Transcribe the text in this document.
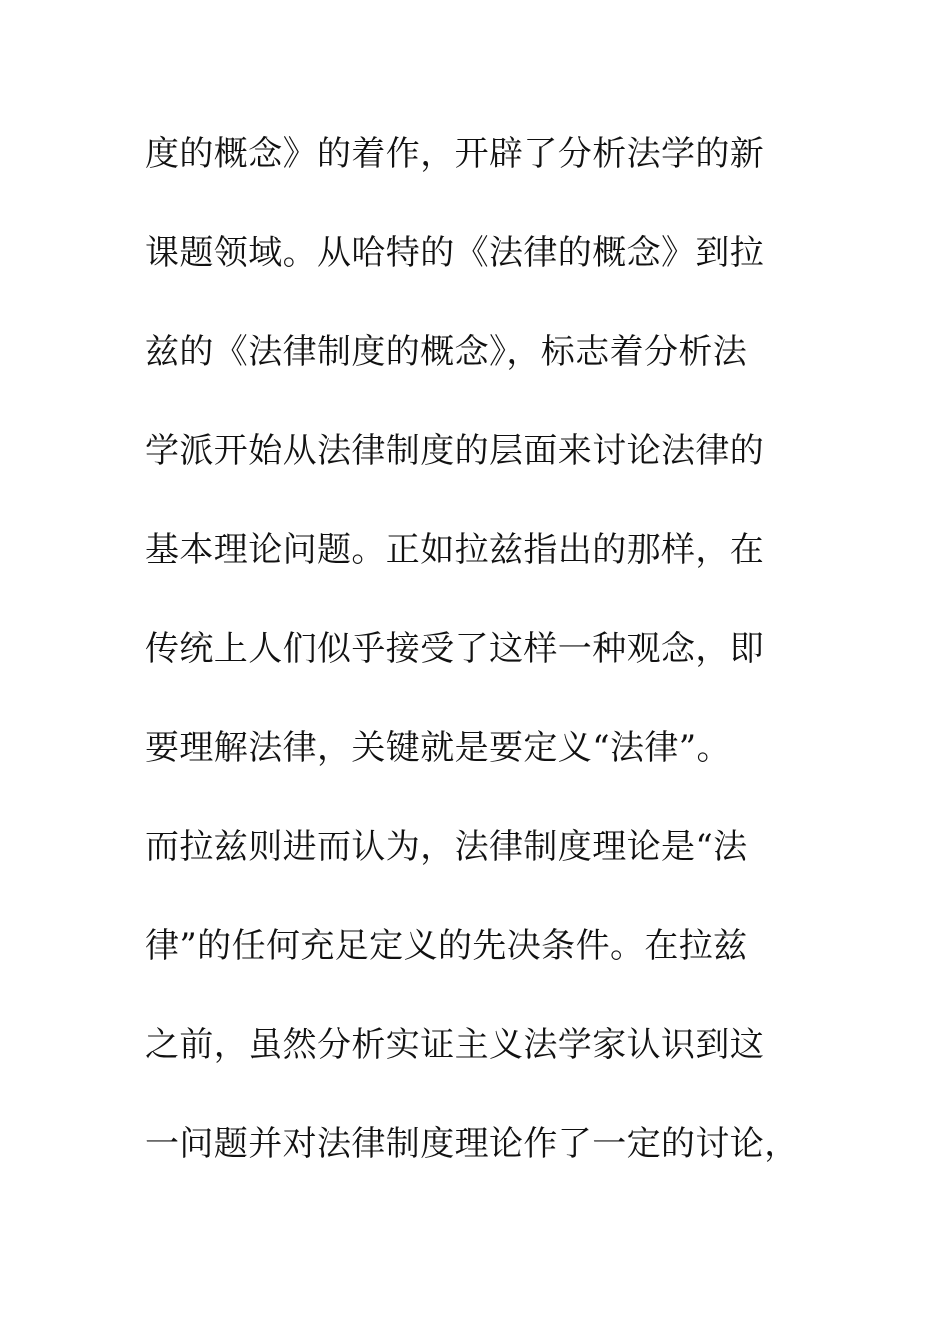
度的概念》的着作，开辟了分析法学的新
课题领域。从哈特的《法律的概念》到拉
兹的《法律制度的概念》，标志着分析法
学派开始从法律制度的层面来讨论法律的
基本理论问题。正如拉兹指出的那样，在
传统上人们似乎接受了这样一种观念，即
要理解法律，关键就是要定义“法律”。
而拉兹则进而认为，法律制度理论是“法
律”的任何充足定义的先决条件。在拉兹
之前，虽然分析实证主义法学家认识到这
一问题并对法律制度理论作了一定的讨论，
